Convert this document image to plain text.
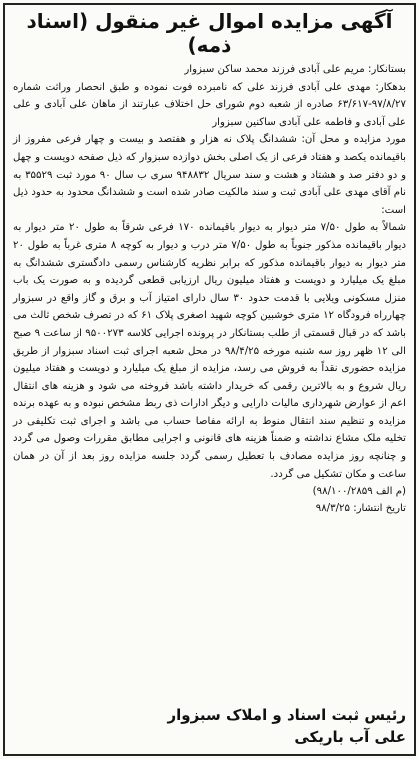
آگهی مزایده اموال غیر منقول (اسناد ذمه)

بستانکار: مریم علی آبادی فرزند محمد ساکن سبزوار

بدهکار: مهدی علی آبادی فرزند علی که نامبرده فوت نموده و طبق انحصار وراثت شماره ۹۷/۸/۲۷-۶۳/۶۱۷ صادره از شعبه دوم شورای حل اختلاف عبارتند از ماهان علی آبادی و علی علی آبادی و فاطمه علی آبادی ساکنین سبزوار

مورد مزایده و محل آن: ششدانگ پلاک نه هزار و هفتصد و بیست و چهار فرعی مفروز از باقیمانده یکصد و هفتاد فرعی از یک اصلی بخش دوازده سبزوار که ذیل صفحه دویست و چهل و دو دفتر صد و هشتاد و هشت و سند سریال ۹۴۸۸۳۲ سری ب سال ۹۰ مورد ثبت ۳۵۵۲۹ به نام آقای مهدی علی آبادی ثبت و سند مالکیت صادر شده است و ششدانگ محدود به حدود ذیل است:

شمالاً به طول ۷/۵۰ متر دیوار به دیوار باقیمانده ۱۷۰ فرعی شرقاً به طول ۲۰ متر دیوار به دیوار باقیمانده مذکور جنوباً به طول ۷/۵۰ متر درب و دیوار به کوچه ۸ متری غرباً به طول ۲۰ متر دیوار به دیوار باقیمانده مذکور که برابر نظریه کارشناس رسمی دادگستری ششدانگ به مبلغ یک میلیارد و دویست و هفتاد میلیون ریال ارزیابی قطعی گردیده و به صورت یک باب منزل مسکونی ویلایی با قدمت حدود ۳۰ سال دارای امتیاز آب و برق و گاز واقع در سبزوار چهارراه فرودگاه ۱۲ متری خوشبین کوچه شهید اصغری پلاک ۶۱ که در تصرف شخص ثالث می باشد که در قبال قسمتی از طلب بستانکار در پرونده اجرایی کلاسه ۹۵۰۰۲۷۳ از ساعت ۹ صبح الی ۱۲ ظهر روز سه شنبه مورخه ۹۸/۴/۲۵ در محل شعبه اجرای ثبت اسناد سبزوار از طریق مزایده حضوری نقداً به فروش می رسد، مزایده از مبلغ یک میلیارد و دویست و هفتاد میلیون ریال شروع و به بالاترین رقمی که خریدار داشته باشد فروخته می شود و هزینه های انتقال اعم از عوارض شهرداری مالیات دارایی و دیگر ادارات ذی ربط مشخص نبوده و به عهده برنده مزایده و تنظیم سند انتقال منوط به ارائه مفاصا حساب می باشد و اجرای ثبت تکلیفی در تخلیه ملک مشاع نداشته و ضمناً هزینه های قانونی و اجرایی مطابق مقررات وصول می گردد و چنانچه روز مزایده مصادف با تعطیل رسمی گردد جلسه مزایده روز بعد از آن در همان ساعت و مکان تشکیل می گردد.

(م الف ۹۸/۱۰۰/۲۸۵۹)

تاریخ انتشار: ۹۸/۳/۲۵

رئیس ثبت اسناد و املاک سبزوار
علی آب باریکی
